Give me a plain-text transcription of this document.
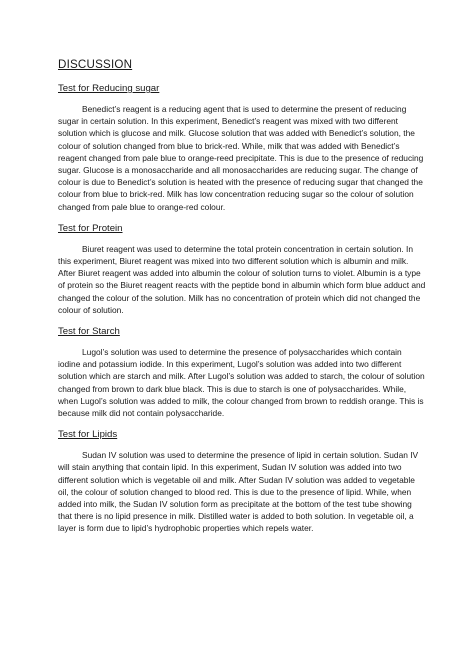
DISCUSSION
Test for Reducing sugar

Benedict’s reagent is a reducing agent that is used to determine the present of reducing sugar in certain solution. In this experiment, Benedict’s reagent was mixed with two different solution which is glucose and milk. Glucose solution that was added with Benedict’s solution, the colour of solution changed from blue to brick-red. While, milk that was added with Benedict’s reagent changed from pale blue to orange-reed precipitate. This is due to the presence of reducing sugar. Glucose is a monosaccharide and all monosaccharides are reducing sugar. The change of colour is due to Benedict’s solution is heated with the presence of reducing sugar that changed the colour from blue to brick-red. Milk has low concentration reducing sugar so the colour of solution changed from pale blue to orange-red colour.

Test for Protein

Biuret reagent was used to determine the total protein concentration in certain solution. In this experiment, Biuret reagent was mixed into two different solution which is albumin and milk. After Biuret reagent was added into albumin the colour of solution turns to violet. Albumin is a type of protein so the Biuret reagent reacts with the peptide bond in albumin which form blue adduct and changed the colour of the solution. Milk has no concentration of protein which did not changed the colour of solution.

Test for Starch

Lugol’s solution was used to determine the presence of polysaccharides which contain iodine and potassium iodide. In this experiment, Lugol’s solution was added into two different solution which are starch and milk. After Lugol’s solution was added to starch, the colour of solution changed from brown to dark blue black. This is due to starch is one of polysaccharides. While, when Lugol’s solution was added to milk, the colour changed from brown to reddish orange. This is because milk did not contain polysaccharide.

Test for Lipids

Sudan IV solution was used to determine the presence of lipid in certain solution. Sudan IV will stain anything that contain lipid. In this experiment, Sudan IV solution was added into two different solution which is vegetable oil and milk. After Sudan IV solution was added to vegetable oil, the colour of solution changed to blood red. This is due to the presence of lipid. While, when added into milk, the Sudan IV solution form as precipitate at the bottom of the test tube showing that there is no lipid presence in milk. Distilled water is added to both solution. In vegetable oil, a layer is form due to lipid’s hydrophobic properties which repels water.
